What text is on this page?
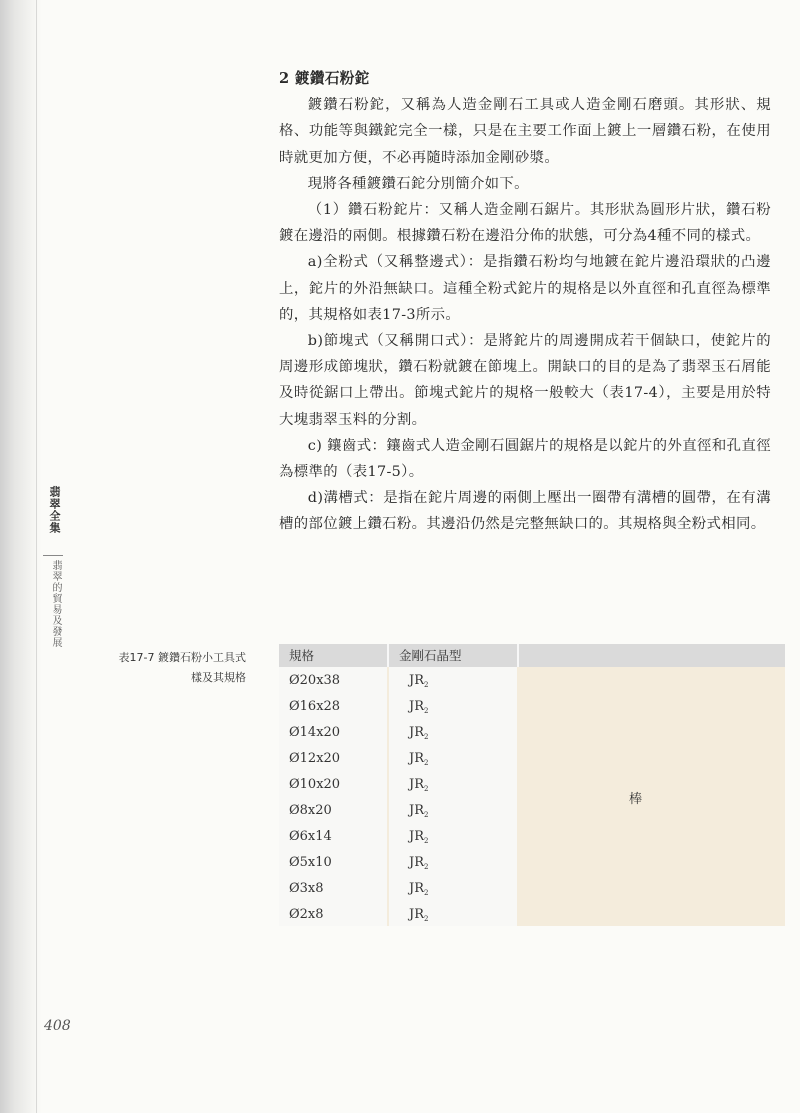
翡翠全集
翡翠的貿易及發展

2 鍍鑽石粉鉈

鍍鑽石粉鉈，又稱為人造金剛石工具或人造金剛石磨頭。其形狀、規格、功能等與鐵鉈完全一樣，只是在主要工作面上鍍上一層鑽石粉，在使用時就更加方便，不必再隨時添加金剛砂漿。

現將各種鍍鑽石鉈分別簡介如下。

（1）鑽石粉鉈片：又稱人造金剛石鋸片。其形狀為圓形片狀，鑽石粉鍍在邊沿的兩側。根據鑽石粉在邊沿分佈的狀態，可分為4種不同的樣式。

a)全粉式（又稱整邊式）：是指鑽石粉均勻地鍍在鉈片邊沿環狀的凸邊上，鉈片的外沿無缺口。這種全粉式鉈片的規格是以外直徑和孔直徑為標準的，其規格如表17-3所示。

b)節塊式（又稱開口式）：是將鉈片的周邊開成若干個缺口，使鉈片的周邊形成節塊狀，鑽石粉就鍍在節塊上。開缺口的目的是為了翡翠玉石屑能及時從鋸口上帶出。節塊式鉈片的規格一般較大（表17-4），主要是用於特大塊翡翠玉料的分割。

c) 鑲齒式：鑲齒式人造金剛石圓鋸片的規格是以鉈片的外直徑和孔直徑為標準的（表17-5）。

d)溝槽式：是指在鉈片周邊的兩側上壓出一圈帶有溝槽的圓帶，在有溝槽的部位鍍上鑽石粉。其邊沿仍然是完整無缺口的。其規格與全粉式相同。

表17-7 鍍鑽石粉小工具式
樣及其規格
規格	金剛石晶型
Ø20x38	$JR_2$
Ø16x28	$JR_2$
Ø14x20	$JR_2$
Ø12x20	$JR_2$
Ø10x20	$JR_2$
Ø8x20	$JR_2$
Ø6x14	$JR_2$
Ø5x10	$JR_2$
Ø3x8	$JR_2$
Ø2x8	$JR_2$
棒
408
